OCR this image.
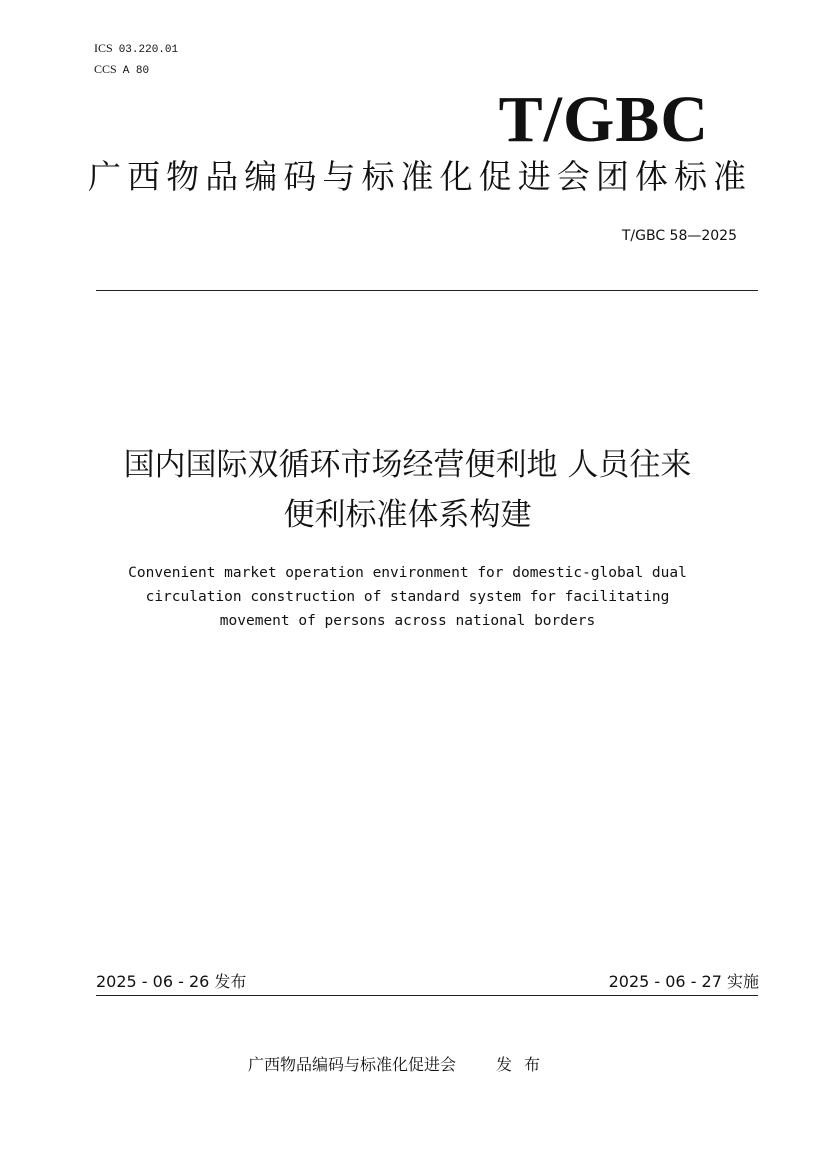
ICS 03.220.01
CCS A 80
T/GBC
广西物品编码与标准化促进会团体标准
T/GBC 58—2025
国内国际双循环市场经营便利地 人员往来
便利标准体系构建
Convenient market operation environment for domestic-global dual
circulation construction of standard system for facilitating
movement of persons across national borders
2025 - 06 - 26 发布	2025 - 06 - 27 实施
广西物品编码与标准化促进会	发布
